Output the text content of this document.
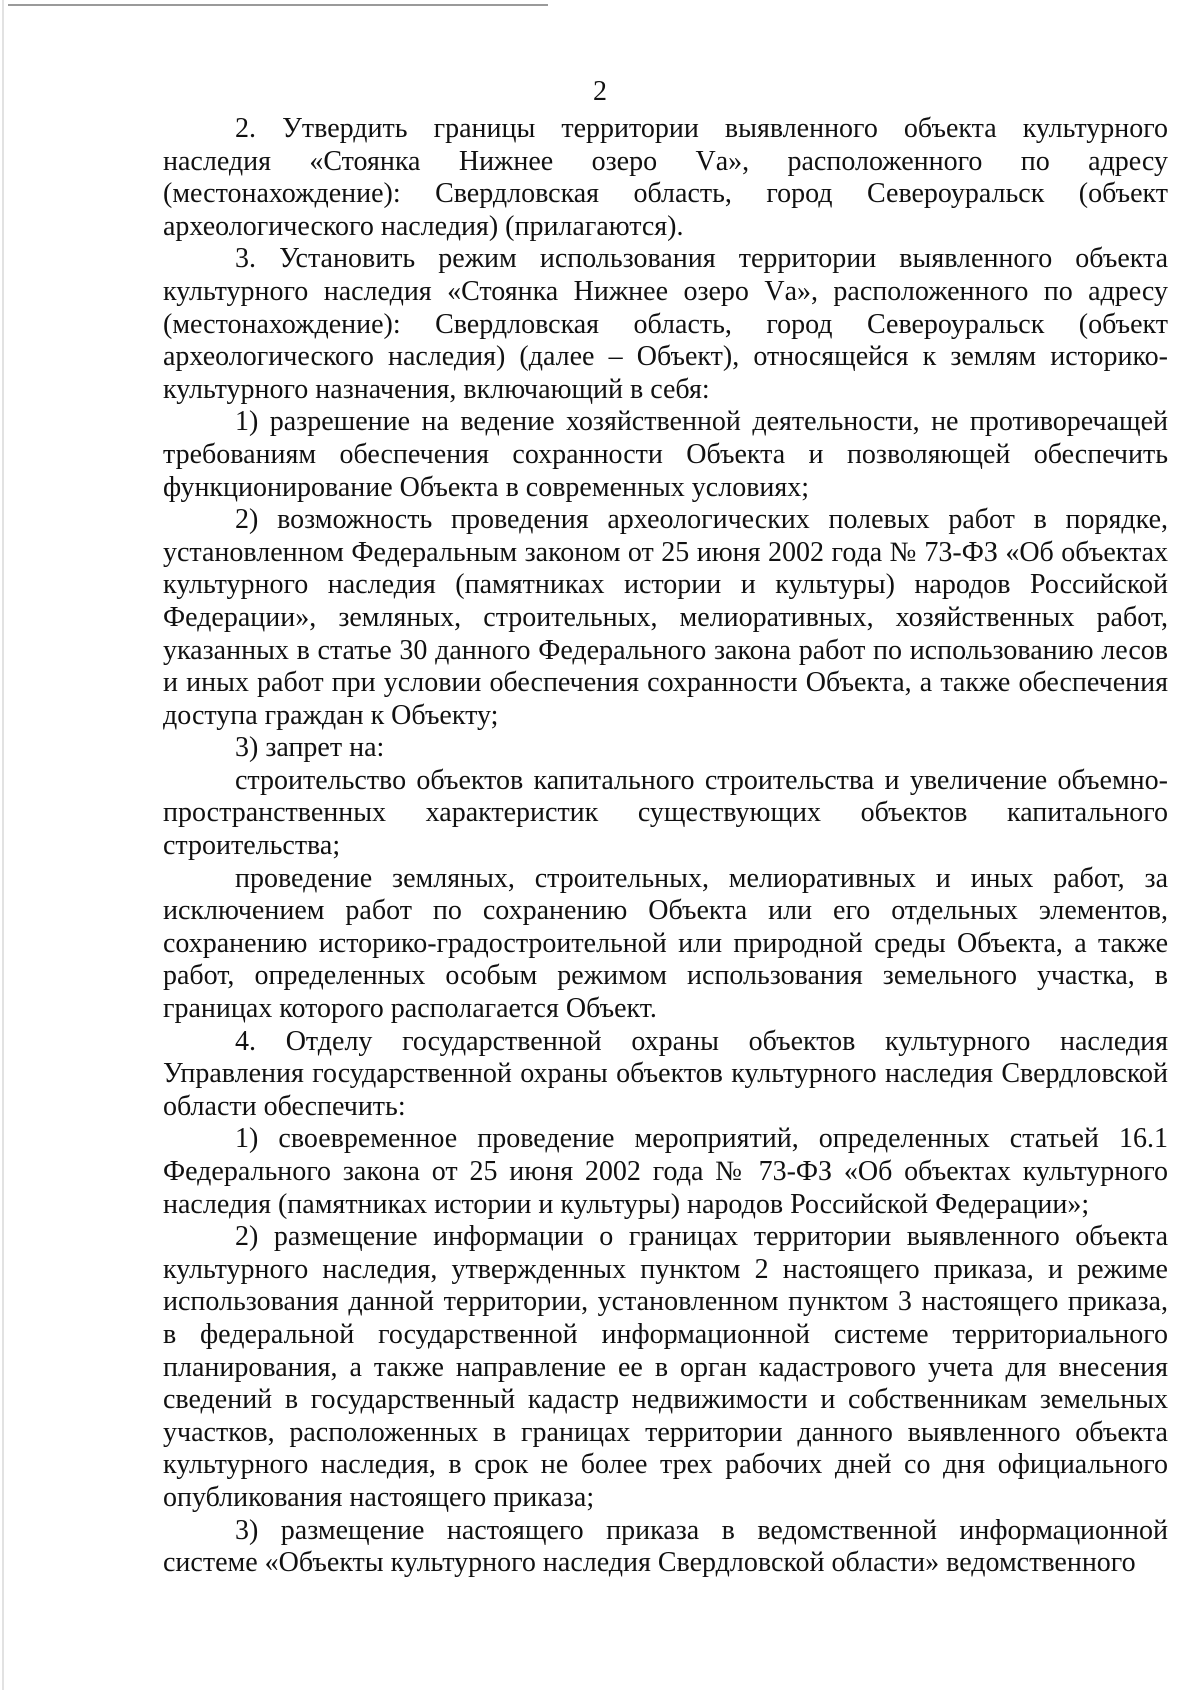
2

2. Утвердить границы территории выявленного объекта культурного наследия «Стоянка Нижнее озеро Vа», расположенного по адресу (местонахождение): Свердловская область, город Североуральск (объект археологического наследия) (прилагаются).

3. Установить режим использования территории выявленного объекта культурного наследия «Стоянка Нижнее озеро Vа», расположенного по адресу (местонахождение): Свердловская область, город Североуральск (объект археологического наследия) (далее – Объект), относящейся к землям историко-культурного назначения, включающий в себя:

1) разрешение на ведение хозяйственной деятельности, не противоречащей требованиям обеспечения сохранности Объекта и позволяющей обеспечить функционирование Объекта в современных условиях;

2) возможность проведения археологических полевых работ в порядке, установленном Федеральным законом от 25 июня 2002 года № 73-ФЗ «Об объектах культурного наследия (памятниках истории и культуры) народов Российской Федерации», земляных, строительных, мелиоративных, хозяйственных работ, указанных в статье 30 данного Федерального закона работ по использованию лесов и иных работ при условии обеспечения сохранности Объекта, а также обеспечения доступа граждан к Объекту;

3) запрет на:

строительство объектов капитального строительства и увеличение объемно-пространственных характеристик существующих объектов капитального строительства;

проведение земляных, строительных, мелиоративных и иных работ, за исключением работ по сохранению Объекта или его отдельных элементов, сохранению историко-градостроительной или природной среды Объекта, а также работ, определенных особым режимом использования земельного участка, в границах которого располагается Объект.

4. Отделу государственной охраны объектов культурного наследия Управления государственной охраны объектов культурного наследия Свердловской области обеспечить:

1) своевременное проведение мероприятий, определенных статьей 16.1 Федерального закона от 25 июня 2002 года № 73-ФЗ «Об объектах культурного наследия (памятниках истории и культуры) народов Российской Федерации»;

2) размещение информации о границах территории выявленного объекта культурного наследия, утвержденных пунктом 2 настоящего приказа, и режиме использования данной территории, установленном пунктом 3 настоящего приказа, в федеральной государственной информационной системе территориального планирования, а также направление ее в орган кадастрового учета для внесения сведений в государственный кадастр недвижимости и собственникам земельных участков, расположенных в границах территории данного выявленного объекта культурного наследия, в срок не более трех рабочих дней со дня официального опубликования настоящего приказа;

3) размещение настоящего приказа в ведомственной информационной системе «Объекты культурного наследия Свердловской области» ведомственного
